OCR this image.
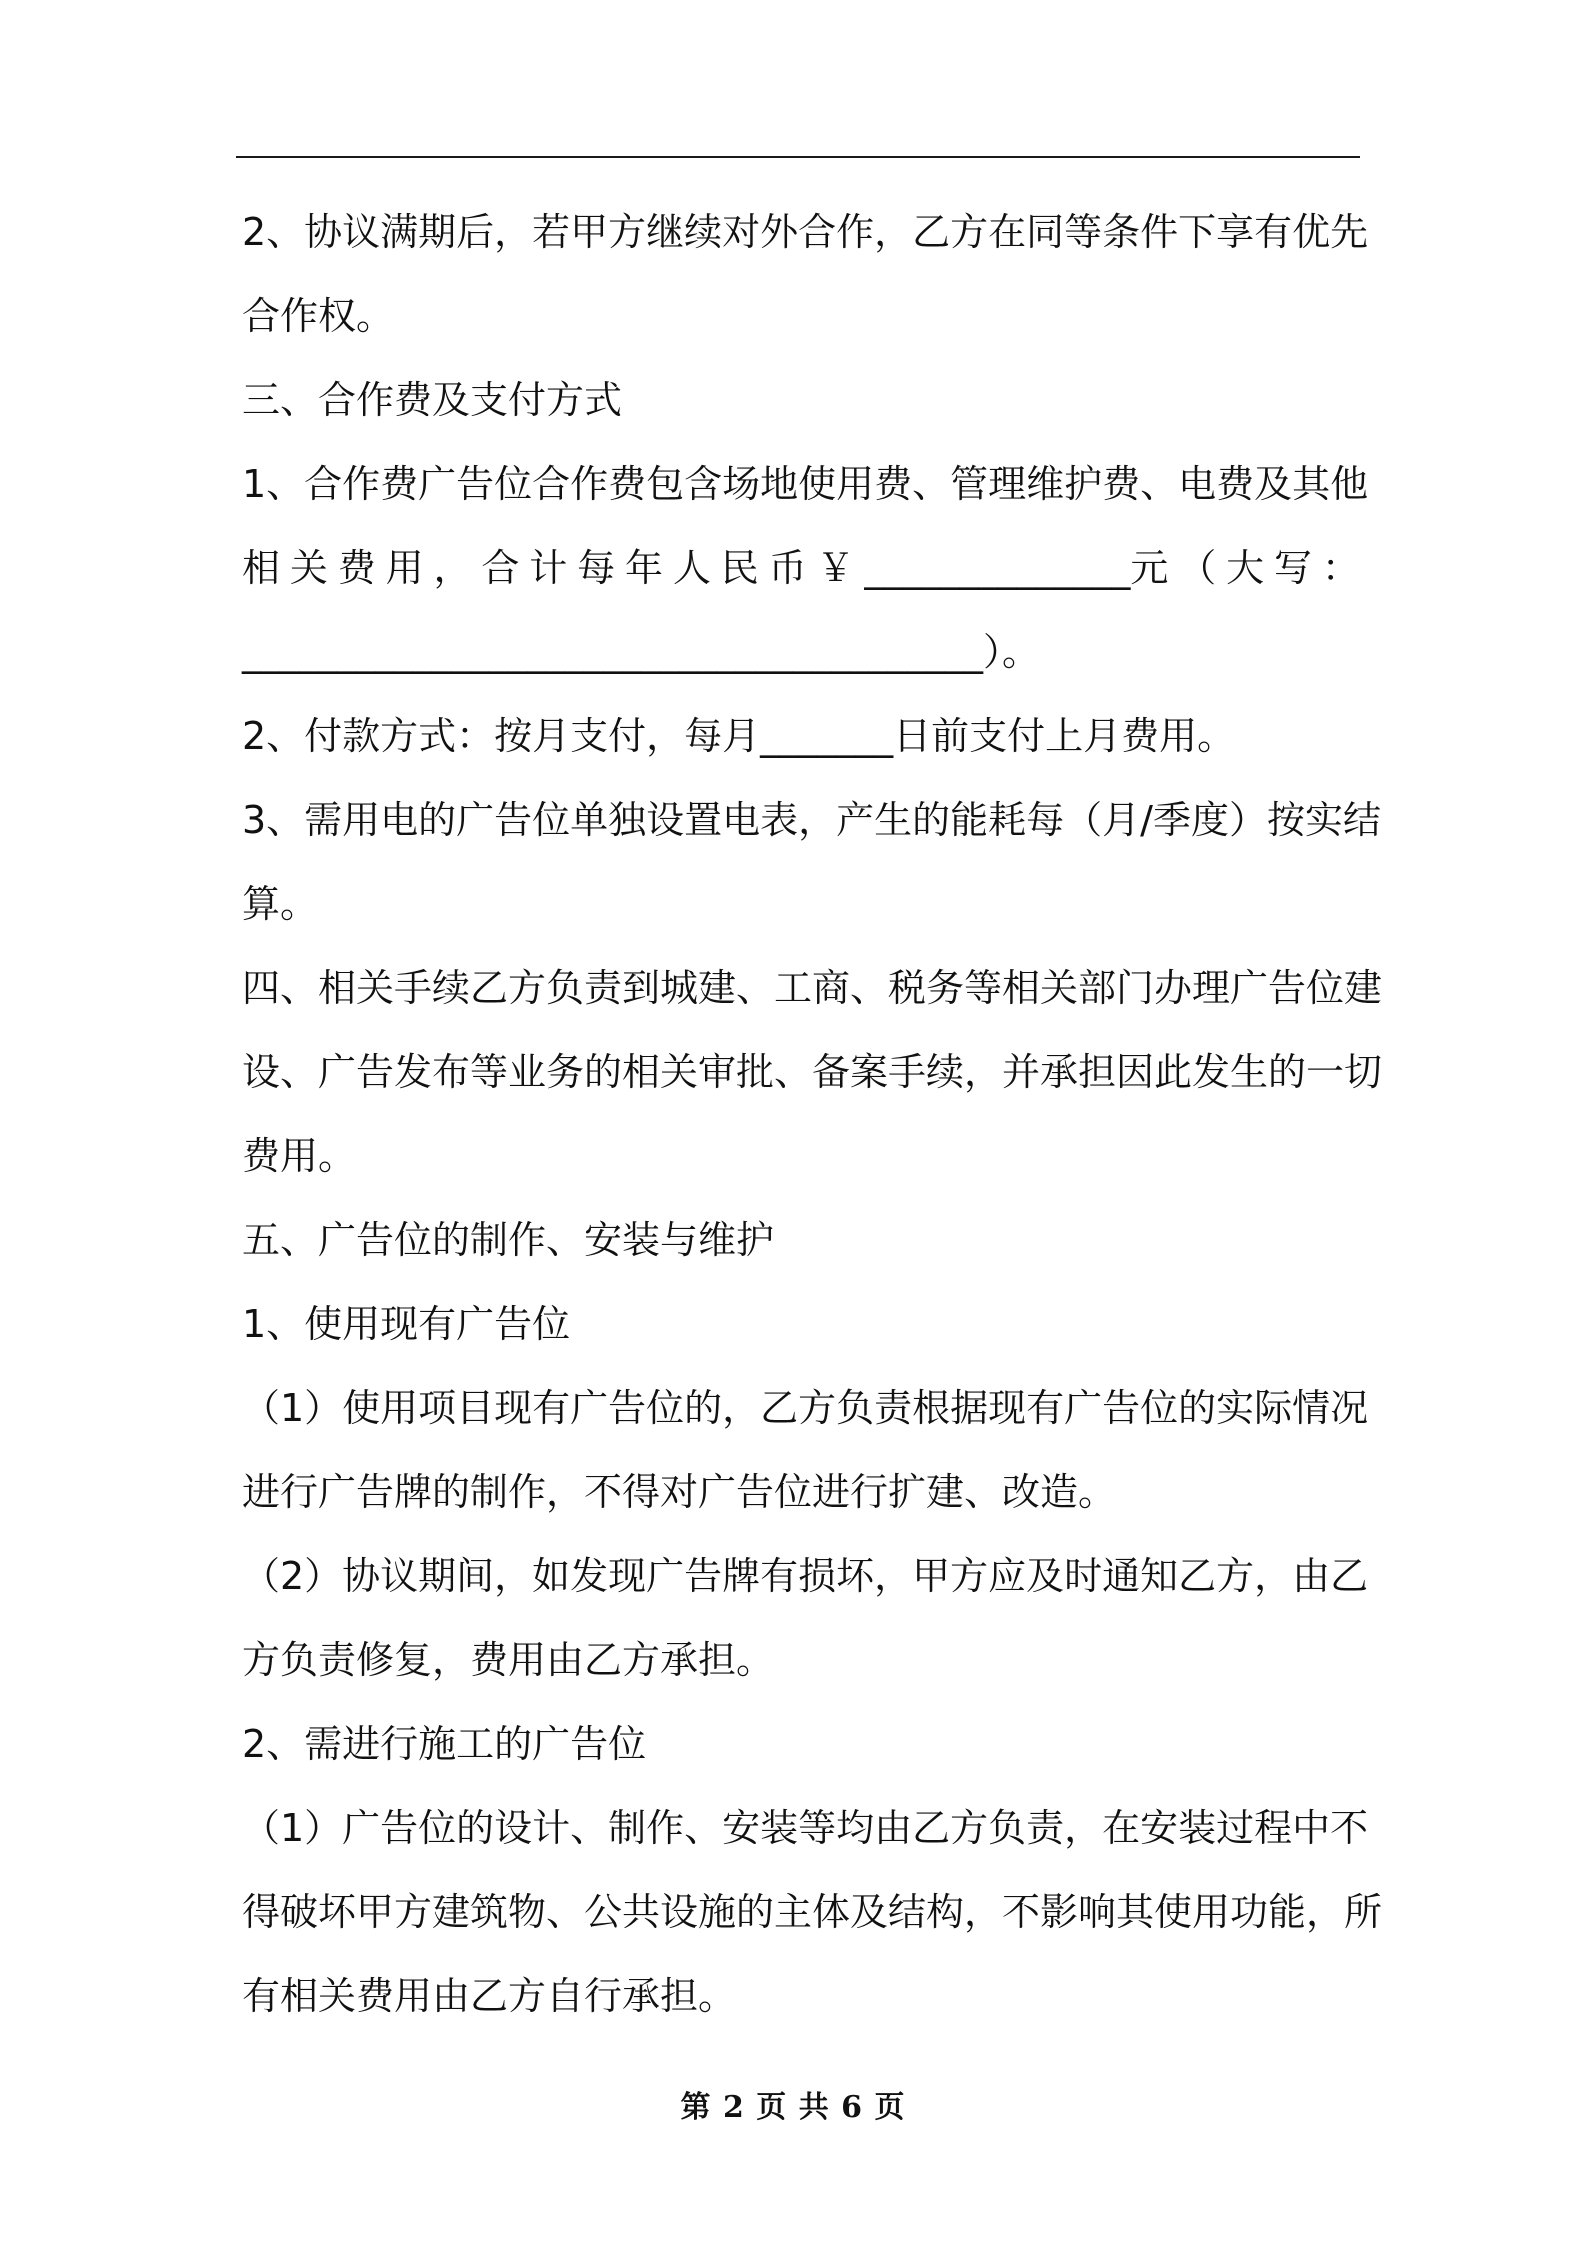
2、协议满期后，若甲方继续对外合作，乙方在同等条件下享有优先
合作权。
三、合作费及支付方式
1、合作费广告位合作费包含场地使用费、管理维护费、电费及其他
相 关 费 用 ， 合 计 每 年 人 民 币 ￥ ______________元 （ 大 写 ：
_______________________________________）。
2、付款方式：按月支付，每月_______日前支付上月费用。
3、需用电的广告位单独设置电表，产生的能耗每（月/季度）按实结
算。
四、相关手续乙方负责到城建、工商、税务等相关部门办理广告位建
设、广告发布等业务的相关审批、备案手续，并承担因此发生的一切
费用。
五、广告位的制作、安装与维护
1、使用现有广告位
（1）使用项目现有广告位的，乙方负责根据现有广告位的实际情况
进行广告牌的制作，不得对广告位进行扩建、改造。
（2）协议期间，如发现广告牌有损坏，甲方应及时通知乙方，由乙
方负责修复，费用由乙方承担。
2、需进行施工的广告位
（1）广告位的设计、制作、安装等均由乙方负责，在安装过程中不
得破坏甲方建筑物、公共设施的主体及结构，不影响其使用功能，所
有相关费用由乙方自行承担。
第 2 页 共 6 页
